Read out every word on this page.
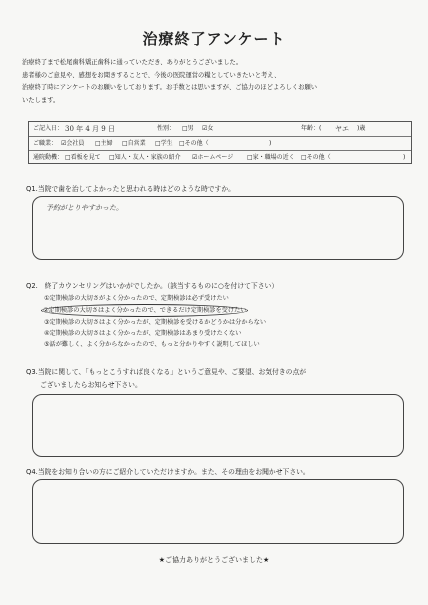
治療終了アンケート
治療終了まで松尾歯科矯正歯科に通っていただき、ありがとうございました。
患者様のご意見や、感想をお聞きすることで、今後の医院運営の糧としていきたいと考え、
治療終了時にアンケートのお願いをしております。お手数とは思いますが、ご協力のほどよろしくお願い
いたします。
ご記入日： 30 年 4 月 9 日	性別： □男 ☑女	年齢：( ヤエ )歳
ご職業： ☑会社員 □主婦 □自営業 □学生 □その他（	)
通院動機： □看板を見て □知人・友人・家族の紹介 ☑ホームページ □家・職場の近く □その他（	)
Q1.当院で歯を治してよかったと思われる時はどのような時ですか。
予約がとりやすかった。
Q2.　終了カウンセリングはいかがでしたか。（該当するものに○を付けて下さい）
①定期検診の大切さがよく分かったので、定期検診は必ず受けたい
②定期検診の大切さはよく分かったので、できるだけ定期検診を受けたい
③定期検診の大切さはよく分かったが、定期検診を受けるかどうかは分からない
④定期検診の大切さはよく分かったが、定期検診はあまり受けたくない
⑤話が難しく、よく分からなかったので、もっと分かりやすく説明してほしい
Q3.当院に関して、「もっとこうすれば良くなる」というご意見や、ご要望、お気付きの点が
ございましたらお知らせ下さい。
Q4.当院をお知り合いの方にご紹介していただけますか。また、その理由をお聞かせ下さい。
★ご協力ありがとうございました★
